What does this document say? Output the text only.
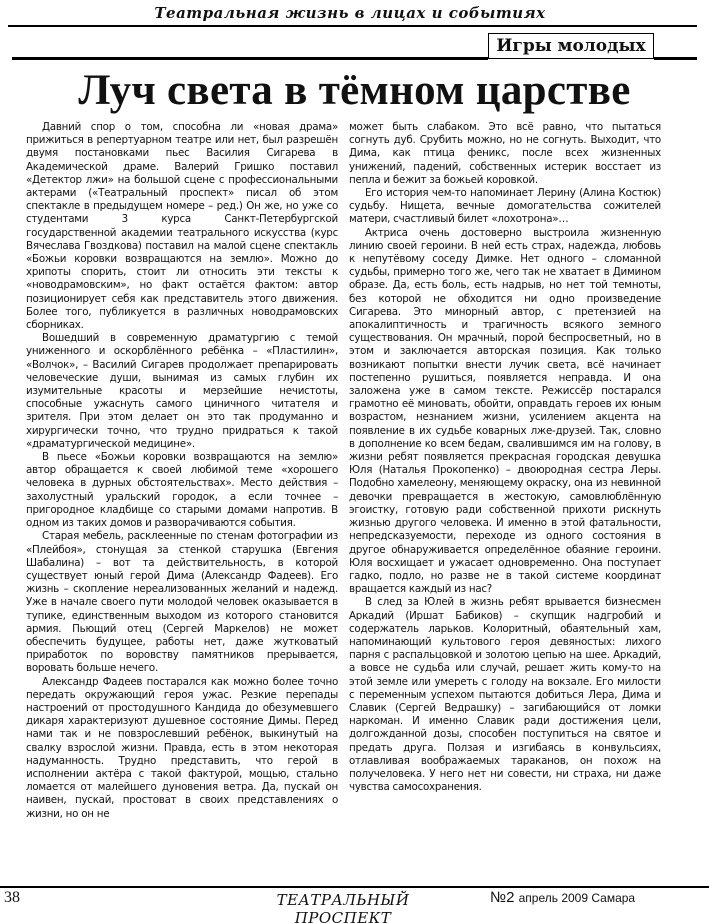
Театральная жизнь в лицах и событиях
Игры молодых
Луч света в тёмном царстве

Давний спор о том, способна ли «новая драма» прижиться в репертуарном театре или нет, был разрешён двумя постановками пьес Василия Сигарева в Академической драме. Валерий Гришко поставил «Детектор лжи» на большой сцене с профессиональными актерами («Театральный проспект» писал об этом спектакле в предыдущем номере – ред.) Он же, но уже со студентами 3 курса Санкт-Петербургской государственной академии театрального искусства (курс Вячеслава Гвоздкова) поставил на малой сцене спектакль «Божьи коровки возвращаются на землю». Можно до хрипоты спорить, стоит ли относить эти тексты к «новодрамовским», но факт остаётся фактом: автор позиционирует себя как представитель этого движения. Более того, публикуется в различных новодрамовских сборниках.

Вошедший в современную драматургию с темой униженного и оскорблённого ребёнка – «Пластилин», «Волчок», – Василий Сигарев продолжает препарировать человеческие души, вынимая из самых глубин их изумительные красоты и мерзейшие нечистоты, способные ужаснуть самого циничного читателя и зрителя. При этом делает он это так продуманно и хирургически точно, что трудно придраться к такой «драматургической медицине».

В пьесе «Божьи коровки возвращаются на землю» автор обращается к своей любимой теме «хорошего человека в дурных обстоятельствах». Место действия – захолустный уральский городок, а если точнее – пригородное кладбище со старыми домами напротив. В одном из таких домов и разворачиваются события.

Старая мебель, расклеенные по стенам фотографии из «Плейбоя», стонущая за стенкой старушка (Евгения Шабалина) – вот та действительность, в которой существует юный герой Дима (Александр Фадеев). Его жизнь – скопление нереализованных желаний и надежд. Уже в начале своего пути молодой человек оказывается в тупике, единственным выходом из которого становится армия. Пьющий отец (Сергей Маркелов) не может обеспечить будущее, работы нет, даже жутковатый приработок по воровству памятников прерывается, воровать больше нечего.

Александр Фадеев постарался как можно более точно передать окружающий героя ужас. Резкие перепады настроений от простодушного Кандида до обезумевшего дикаря характеризуют душевное состояние Димы. Перед нами так и не повзрослевший ребёнок, выкинутый на свалку взрослой жизни. Правда, есть в этом некоторая надуманность. Трудно представить, что герой в исполнении актёра с такой фактурой, мощью, стально ломается от малейшего дуновения ветра. Да, пускай он наивен, пускай, простоват в своих представлениях о жизни, но он не

может быть слабаком. Это всё равно, что пытаться согнуть дуб. Срубить можно, но не согнуть. Выходит, что Дима, как птица феникс, после всех жизненных унижений, падений, собственных истерик восстает из пепла и бежит за божьей коровкой.

Его история чем-то напоминает Лерину (Алина Костюк) судьбу. Нищета, вечные домогательства сожителей матери, счастливый билет «лохотрона»…

Актриса очень достоверно выстроила жизненную линию своей героини. В ней есть страх, надежда, любовь к непутёвому соседу Димке. Нет одного – сломанной судьбы, примерно того же, чего так не хватает в Димином образе. Да, есть боль, есть надрыв, но нет той темноты, без которой не обходится ни одно произведение Сигарева. Это минорный автор, с претензией на апокалиптичность и трагичность всякого земного существования. Он мрачный, порой беспросветный, но в этом и заключается авторская позиция. Как только возникают попытки внести лучик света, всё начинает постепенно рушиться, появляется неправда. И она заложена уже в самом тексте. Режиссёр постарался грамотно её миновать, обойти, оправдать героев их юным возрастом, незнанием жизни, усилением акцента на появление в их судьбе коварных лже-друзей. Так, словно в дополнение ко всем бедам, свалившимся им на голову, в жизни ребят появляется прекрасная городская девушка Юля (Наталья Прокопенко) – двоюродная сестра Леры. Подобно хамелеону, меняющему окраску, она из невинной девочки превращается в жестокую, самовлюблённую эгоистку, готовую ради собственной прихоти рискнуть жизнью другого человека. И именно в этой фатальности, непредсказуемости, переходе из одного состояния в другое обнаруживается определённое обаяние героини. Юля восхищает и ужасает одновременно. Она поступает гадко, подло, но разве не в такой системе координат вращается каждый из нас?

В след за Юлей в жизнь ребят врывается бизнесмен Аркадий (Иршат Бабиков) – скупщик надгробий и содержатель ларьков. Колоритный, обаятельный хам, напоминающий культового героя девяностых: лихого парня с распальцовкой и золотою цепью на шее. Аркадий, а вовсе не судьба или случай, решает жить кому-то на этой земле или умереть с голоду на вокзале. Его милости с переменным успехом пытаются добиться Лера, Дима и Славик (Сергей Ведрашку) – загибающийся от ломки наркоман. И именно Славик ради достижения цели, долгожданной дозы, способен поступиться на святое и предать друга. Ползая и изгибаясь в конвульсиях, отлавливая воображаемых тараканов, он похож на получеловека. У него нет ни совести, ни страха, ни даже чувства самосохранения.

38	ТЕАТРАЛЬНЫЙ ПРОСПЕКТ
№2 апрель 2009 Самара
